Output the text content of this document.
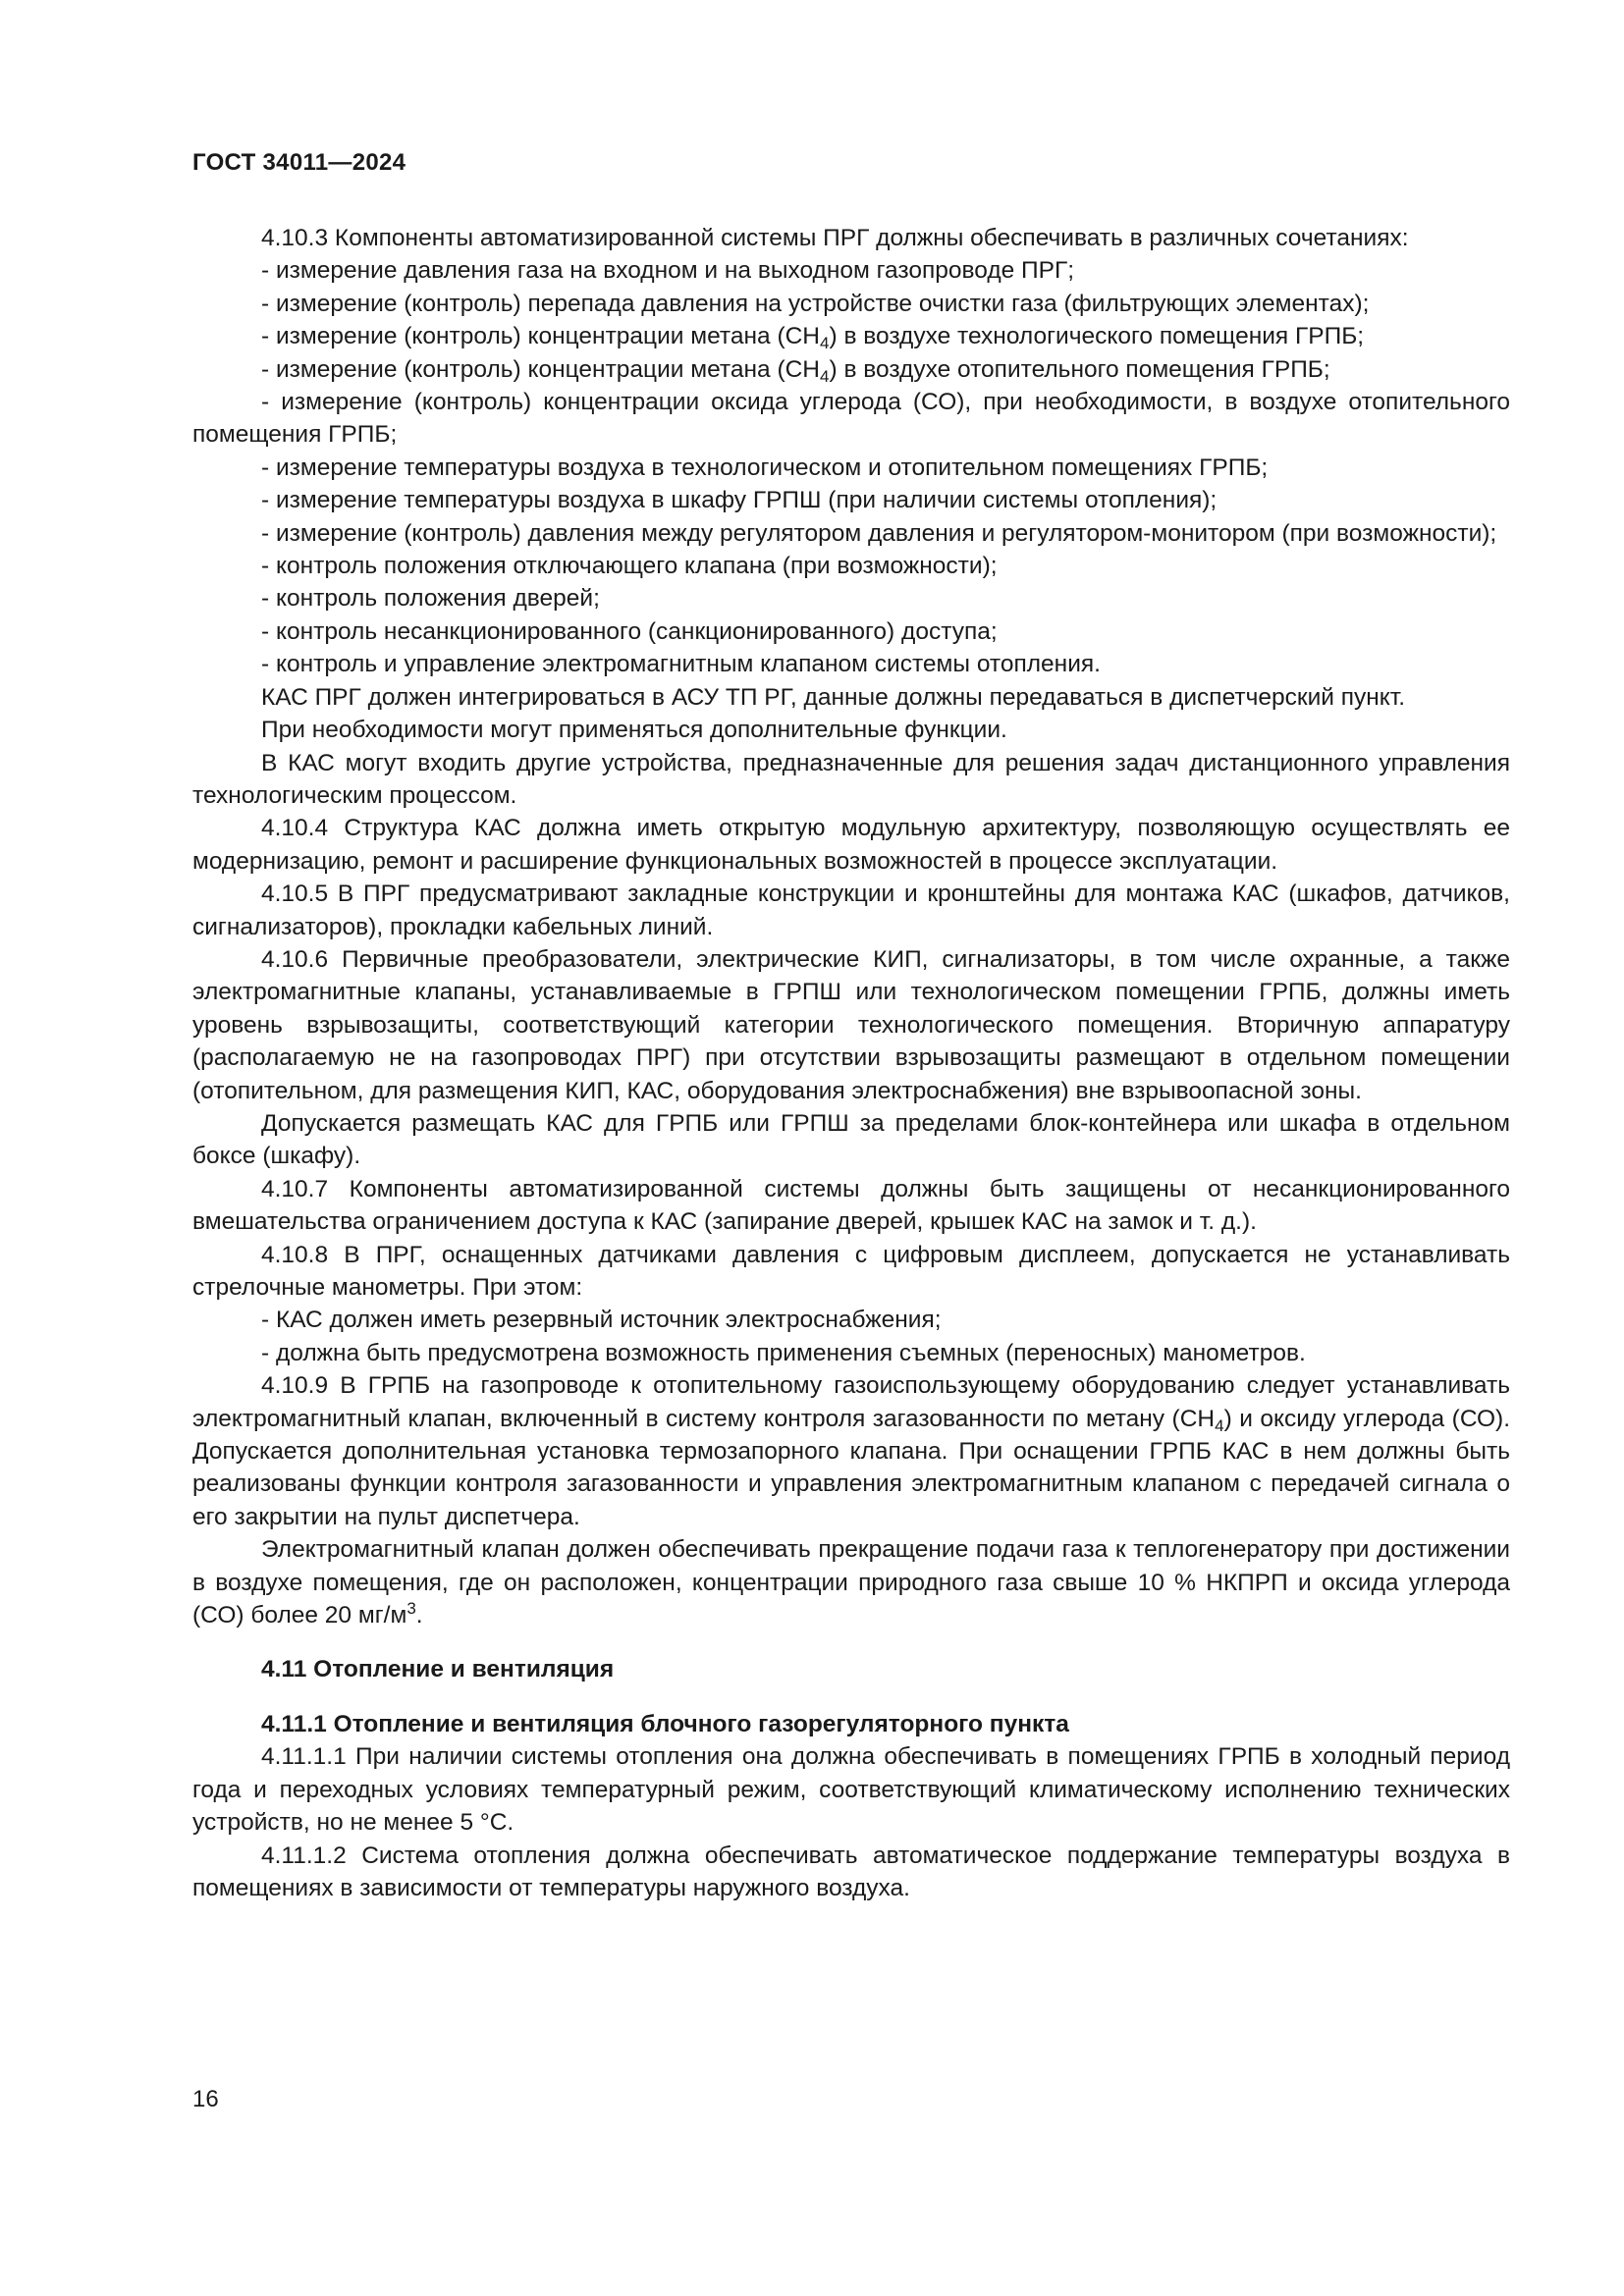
ГОСТ 34011—2024

4.10.3 Компоненты автоматизированной системы ПРГ должны обеспечивать в различных сочетаниях:

- измерение давления газа на входном и на выходном газопроводе ПРГ;

- измерение (контроль) перепада давления на устройстве очистки газа (фильтрующих элементах);

- измерение (контроль) концентрации метана $(CH_4)$ в воздухе технологического помещения ГРПБ;

- измерение (контроль) концентрации метана $(CH_4)$ в воздухе отопительного помещения ГРПБ;

- измерение (контроль) концентрации оксида углерода (СО), при необходимости, в воздухе отопительного помещения ГРПБ;

- измерение температуры воздуха в технологическом и отопительном помещениях ГРПБ;

- измерение температуры воздуха в шкафу ГРПШ (при наличии системы отопления);

- измерение (контроль) давления между регулятором давления и регулятором-монитором (при возможности);

- контроль положения отключающего клапана (при возможности);

- контроль положения дверей;

- контроль несанкционированного (санкционированного) доступа;

- контроль и управление электромагнитным клапаном системы отопления.

КАС ПРГ должен интегрироваться в АСУ ТП РГ, данные должны передаваться в диспетчерский пункт.

При необходимости могут применяться дополнительные функции.

В КАС могут входить другие устройства, предназначенные для решения задач дистанционного управления технологическим процессом.

4.10.4 Структура КАС должна иметь открытую модульную архитектуру, позволяющую осуществлять ее модернизацию, ремонт и расширение функциональных возможностей в процессе эксплуатации.

4.10.5 В ПРГ предусматривают закладные конструкции и кронштейны для монтажа КАС (шкафов, датчиков, сигнализаторов), прокладки кабельных линий.

4.10.6 Первичные преобразователи, электрические КИП, сигнализаторы, в том числе охранные, а также электромагнитные клапаны, устанавливаемые в ГРПШ или технологическом помещении ГРПБ, должны иметь уровень взрывозащиты, соответствующий категории технологического помещения. Вторичную аппаратуру (располагаемую не на газопроводах ПРГ) при отсутствии взрывозащиты размещают в отдельном помещении (отопительном, для размещения КИП, КАС, оборудования электроснабжения) вне взрывоопасной зоны.

Допускается размещать КАС для ГРПБ или ГРПШ за пределами блок-контейнера или шкафа в отдельном боксе (шкафу).

4.10.7 Компоненты автоматизированной системы должны быть защищены от несанкционированного вмешательства ограничением доступа к КАС (запирание дверей, крышек КАС на замок и т. д.).

4.10.8 В ПРГ, оснащенных датчиками давления с цифровым дисплеем, допускается не устанавливать стрелочные манометры. При этом:

- КАС должен иметь резервный источник электроснабжения;

- должна быть предусмотрена возможность применения съемных (переносных) манометров.

4.10.9 В ГРПБ на газопроводе к отопительному газоиспользующему оборудованию следует устанавливать электромагнитный клапан, включенный в систему контроля загазованности по метану $(CH_4)$ и оксиду углерода (СО). Допускается дополнительная установка термозапорного клапана. При оснащении ГРПБ КАС в нем должны быть реализованы функции контроля загазованности и управления электромагнитным клапаном с передачей сигнала о его закрытии на пульт диспетчера.

Электромагнитный клапан должен обеспечивать прекращение подачи газа к теплогенератору при достижении в воздухе помещения, где он расположен, концентрации природного газа свыше 10 % НКПРП и оксида углерода (СО) более 20 $мг/м^3$.

4.11 Отопление и вентиляция

4.11.1 Отопление и вентиляция блочного газорегуляторного пункта

4.11.1.1 При наличии системы отопления она должна обеспечивать в помещениях ГРПБ в холодный период года и переходных условиях температурный режим, соответствующий климатическому исполнению технических устройств, но не менее 5 °С.

4.11.1.2 Система отопления должна обеспечивать автоматическое поддержание температуры воздуха в помещениях в зависимости от температуры наружного воздуха.

16
